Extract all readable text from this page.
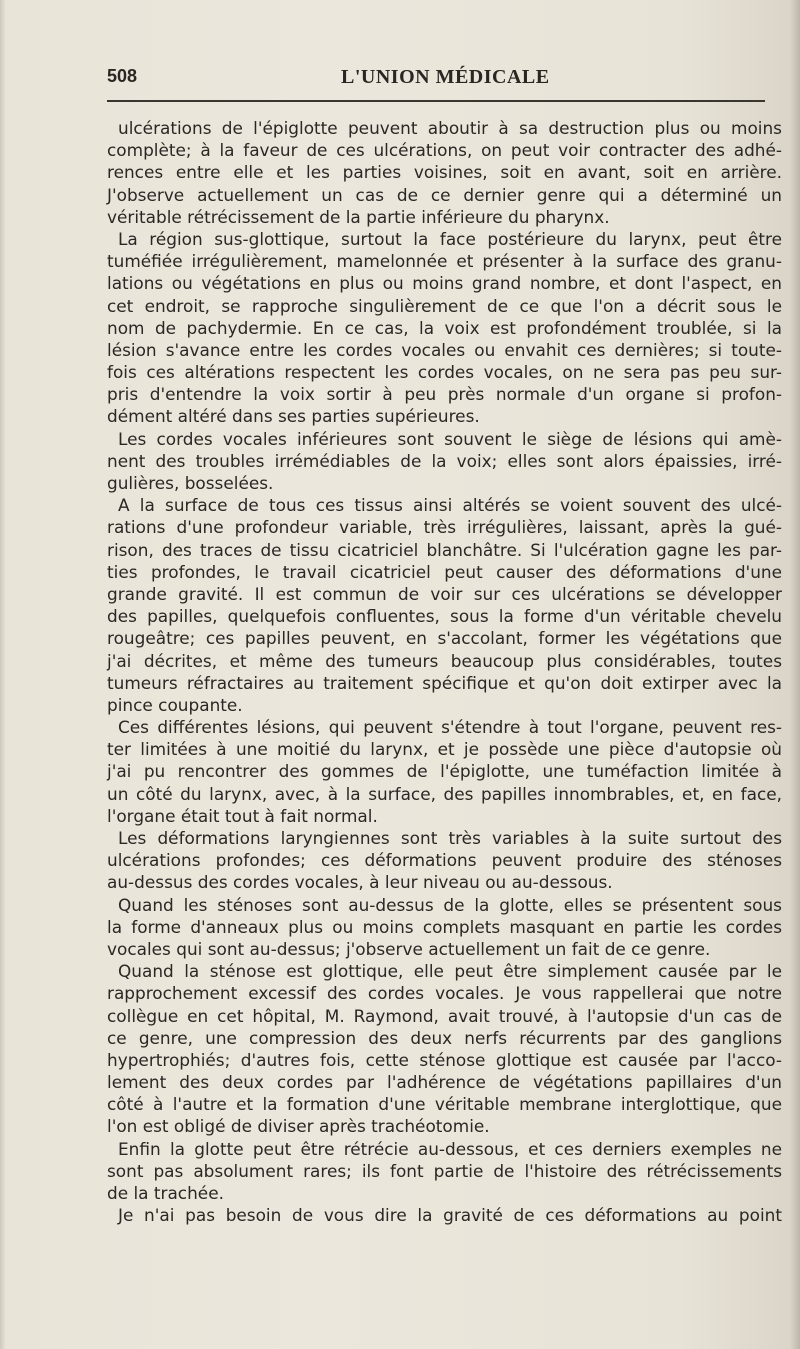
508	L'UNION MÉDICALE
ulcérations de l'épiglotte peuvent aboutir à sa destruction plus ou moins
complète; à la faveur de ces ulcérations, on peut voir contracter des adhé-
rences entre elle et les parties voisines, soit en avant, soit en arrière.
J'observe actuellement un cas de ce dernier genre qui a déterminé un
véritable rétrécissement de la partie inférieure du pharynx.
La région sus-glottique, surtout la face postérieure du larynx, peut être
tuméfiée irrégulièrement, mamelonnée et présenter à la surface des granu-
lations ou végétations en plus ou moins grand nombre, et dont l'aspect, en
cet endroit, se rapproche singulièrement de ce que l'on a décrit sous le
nom de pachydermie. En ce cas, la voix est profondément troublée, si la
lésion s'avance entre les cordes vocales ou envahit ces dernières; si toute-
fois ces altérations respectent les cordes vocales, on ne sera pas peu sur-
pris d'entendre la voix sortir à peu près normale d'un organe si profon-
dément altéré dans ses parties supérieures.
Les cordes vocales inférieures sont souvent le siège de lésions qui amè-
nent des troubles irrémédiables de la voix; elles sont alors épaissies, irré-
gulières, bosselées.
A la surface de tous ces tissus ainsi altérés se voient souvent des ulcé-
rations d'une profondeur variable, très irrégulières, laissant, après la gué-
rison, des traces de tissu cicatriciel blanchâtre. Si l'ulcération gagne les par-
ties profondes, le travail cicatriciel peut causer des déformations d'une
grande gravité. Il est commun de voir sur ces ulcérations se développer
des papilles, quelquefois confluentes, sous la forme d'un véritable chevelu
rougeâtre; ces papilles peuvent, en s'accolant, former les végétations que
j'ai décrites, et même des tumeurs beaucoup plus considérables, toutes
tumeurs réfractaires au traitement spécifique et qu'on doit extirper avec la
pince coupante.
Ces différentes lésions, qui peuvent s'étendre à tout l'organe, peuvent res-
ter limitées à une moitié du larynx, et je possède une pièce d'autopsie où
j'ai pu rencontrer des gommes de l'épiglotte, une tuméfaction limitée à
un côté du larynx, avec, à la surface, des papilles innombrables, et, en face,
l'organe était tout à fait normal.
Les déformations laryngiennes sont très variables à la suite surtout des
ulcérations profondes; ces déformations peuvent produire des sténoses
au-dessus des cordes vocales, à leur niveau ou au-dessous.
Quand les sténoses sont au-dessus de la glotte, elles se présentent sous
la forme d'anneaux plus ou moins complets masquant en partie les cordes
vocales qui sont au-dessus; j'observe actuellement un fait de ce genre.
Quand la sténose est glottique, elle peut être simplement causée par le
rapprochement excessif des cordes vocales. Je vous rappellerai que notre
collègue en cet hôpital, M. Raymond, avait trouvé, à l'autopsie d'un cas de
ce genre, une compression des deux nerfs récurrents par des ganglions
hypertrophiés; d'autres fois, cette sténose glottique est causée par l'acco-
lement des deux cordes par l'adhérence de végétations papillaires d'un
côté à l'autre et la formation d'une véritable membrane interglottique, que
l'on est obligé de diviser après trachéotomie.
Enfin la glotte peut être rétrécie au-dessous, et ces derniers exemples ne
sont pas absolument rares; ils font partie de l'histoire des rétrécissements
de la trachée.
Je n'ai pas besoin de vous dire la gravité de ces déformations au point
